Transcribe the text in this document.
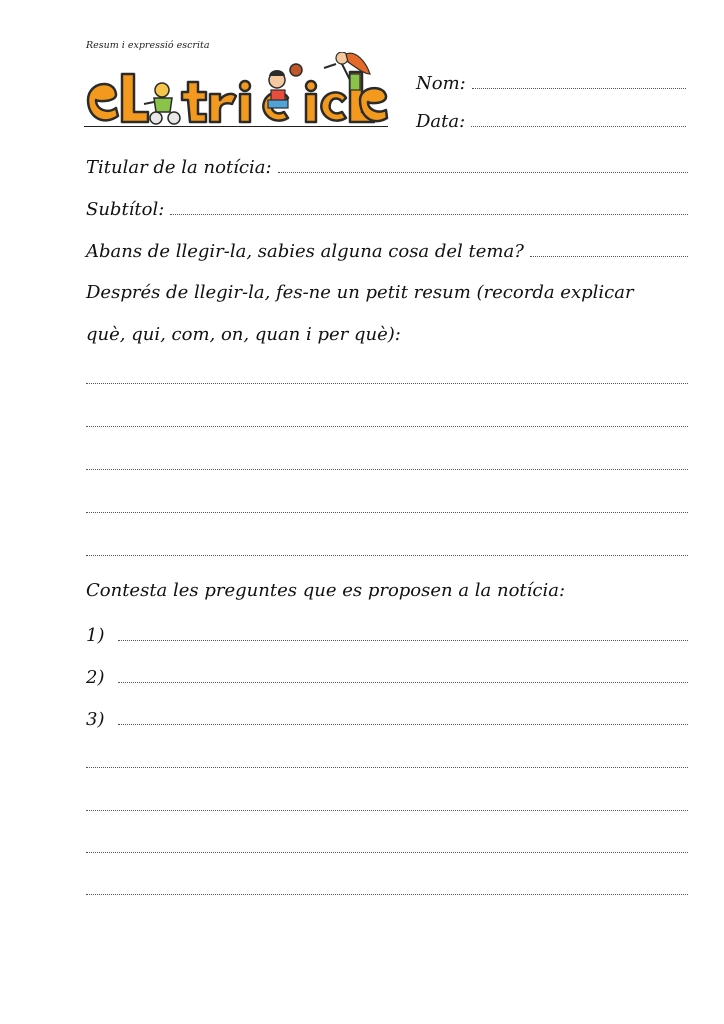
Resum i expressió escrita
Nom:
Data:
Titular de la notícia:
Subtítol:
Abans de llegir-la, sabies alguna cosa del tema?
Després de llegir-la, fes-ne un petit resum (recorda explicar
què, qui, com, on, quan i per què):
Contesta les preguntes que es proposen a la notícia:
1)
2)
3)
